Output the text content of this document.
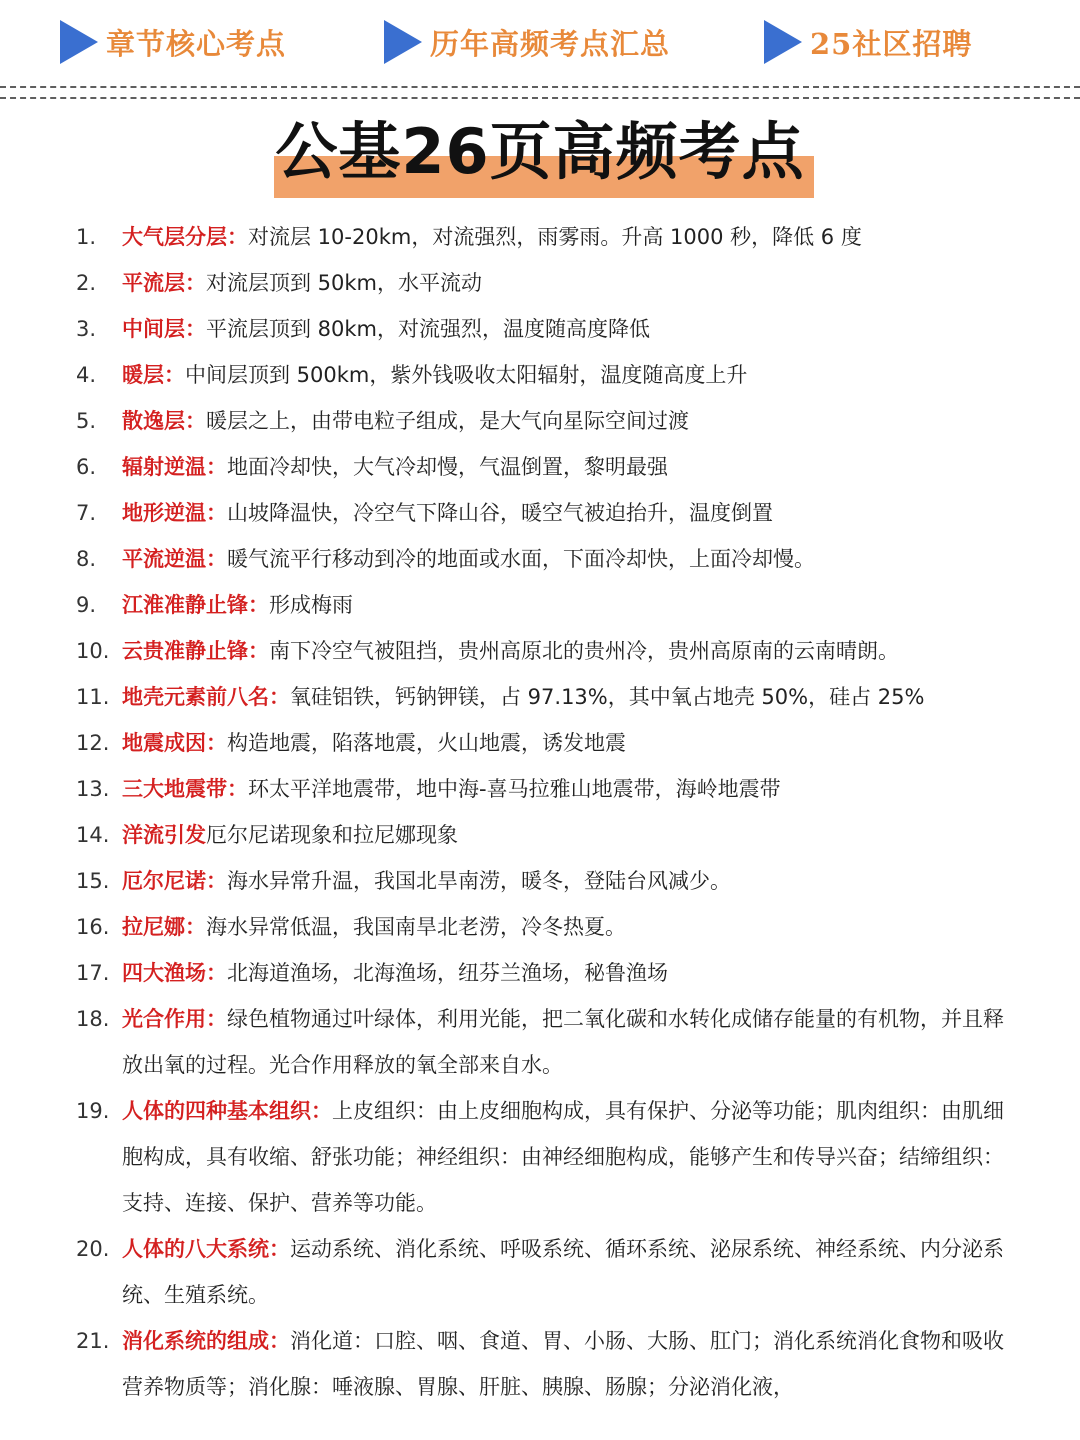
章节核心考点	历年高频考点汇总	25社区招聘
公基26页高频考点
1. 大气层分层：对流层 10-20km，对流强烈，雨雾雨。升高 1000 秒，降低 6 度
2. 平流层：对流层顶到 50km，水平流动
3. 中间层：平流层顶到 80km，对流强烈，温度随高度降低
4. 暖层：中间层顶到 500km，紫外钱吸收太阳辐射，温度随高度上升
5. 散逸层：暖层之上，由带电粒子组成，是大气向星际空间过渡
6. 辐射逆温：地面冷却快，大气冷却慢，气温倒置，黎明最强
7. 地形逆温：山坡降温快，冷空气下降山谷，暖空气被迫抬升，温度倒置
8. 平流逆温：暖气流平行移动到冷的地面或水面，下面冷却快，上面冷却慢。
9. 江淮准静止锋：形成梅雨
10. 云贵准静止锋：南下冷空气被阻挡，贵州高原北的贵州冷，贵州高原南的云南晴朗。
11. 地壳元素前八名：氧硅铝铁，钙钠钾镁，占 97.13%，其中氧占地壳 50%，硅占 25%
12. 地震成因：构造地震，陷落地震，火山地震，诱发地震
13. 三大地震带：环太平洋地震带，地中海-喜马拉雅山地震带，海岭地震带
14. 洋流引发厄尔尼诺现象和拉尼娜现象
15. 厄尔尼诺：海水异常升温，我国北旱南涝，暖冬，登陆台风减少。
16. 拉尼娜：海水异常低温，我国南旱北老涝，冷冬热夏。
17. 四大渔场：北海道渔场，北海渔场，纽芬兰渔场，秘鲁渔场
18. 光合作用：绿色植物通过叶绿体，利用光能，把二氧化碳和水转化成储存能量的有机物，并且释放出氧的过程。光合作用释放的氧全部来自水。
19. 人体的四种基本组织：上皮组织：由上皮细胞构成，具有保护、分泌等功能；肌肉组织：由肌细胞构成，具有收缩、舒张功能；神经组织：由神经细胞构成，能够产生和传导兴奋；结缔组织：支持、连接、保护、营养等功能。
20. 人体的八大系统：运动系统、消化系统、呼吸系统、循环系统、泌尿系统、神经系统、内分泌系统、生殖系统。
21. 消化系统的组成：消化道：口腔、咽、食道、胃、小肠、大肠、肛门；消化系统消化食物和吸收营养物质等；消化腺：唾液腺、胃腺、肝脏、胰腺、肠腺；分泌消化液，
